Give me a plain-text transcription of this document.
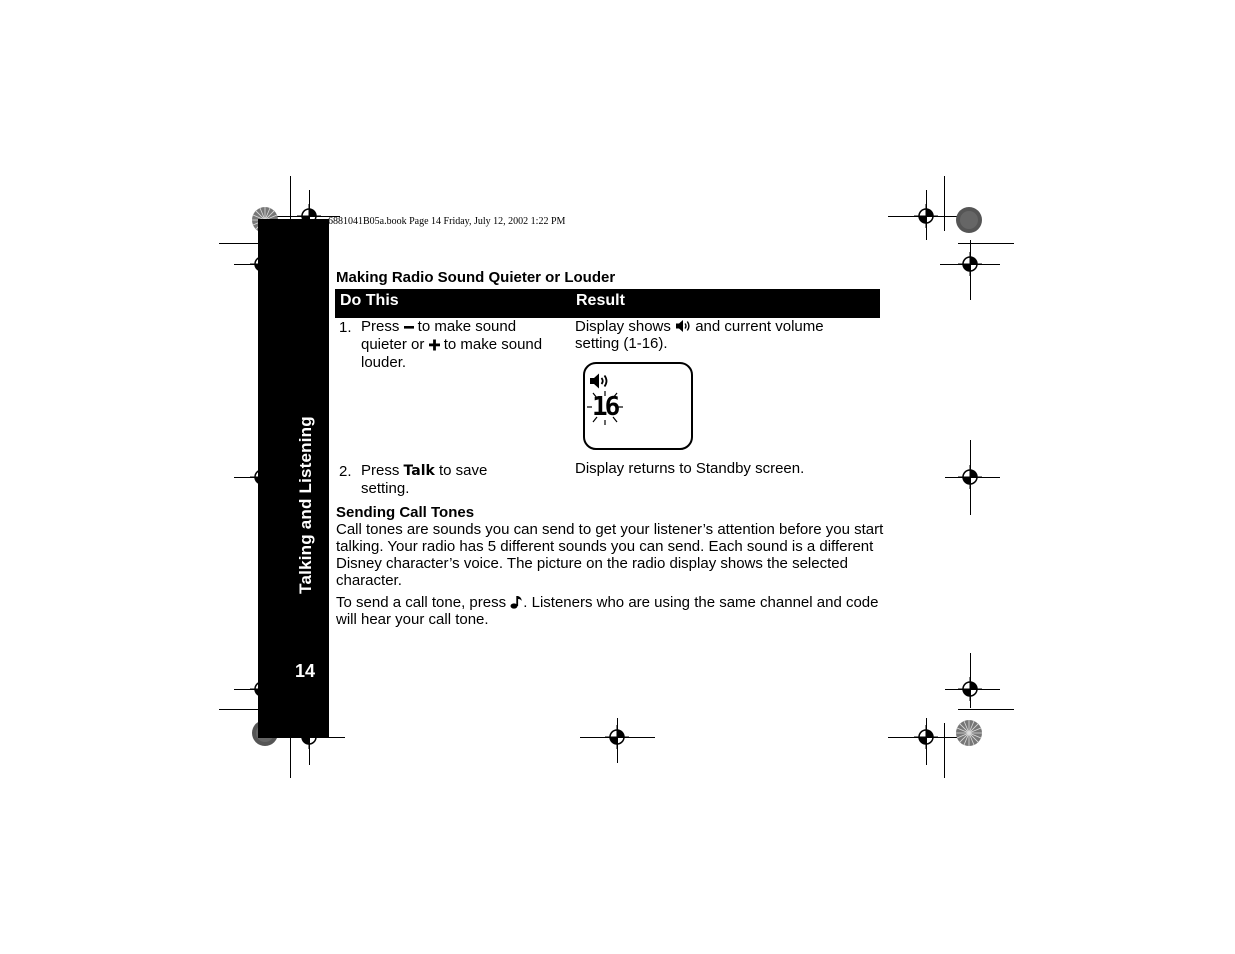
Talking and Listening
14
6881041B05a.book Page 14 Friday, July 12, 2002 1:22 PM
Making Radio Sound Quieter or Louder
Do This	Result
1. Press  to make sound
quieter or  to make sound
louder.
Display shows  and current volume
setting (1-16).
16
2. Press Talk to save
setting.
Display returns to Standby screen.
Sending Call Tones
Call tones are sounds you can send to get your listener’s attention before you start
talking. Your radio has 5 different sounds you can send. Each sound is a different
Disney character’s voice. The picture on the radio display shows the selected
character.
To send a call tone, press . Listeners who are using the same channel and code
will hear your call tone.
